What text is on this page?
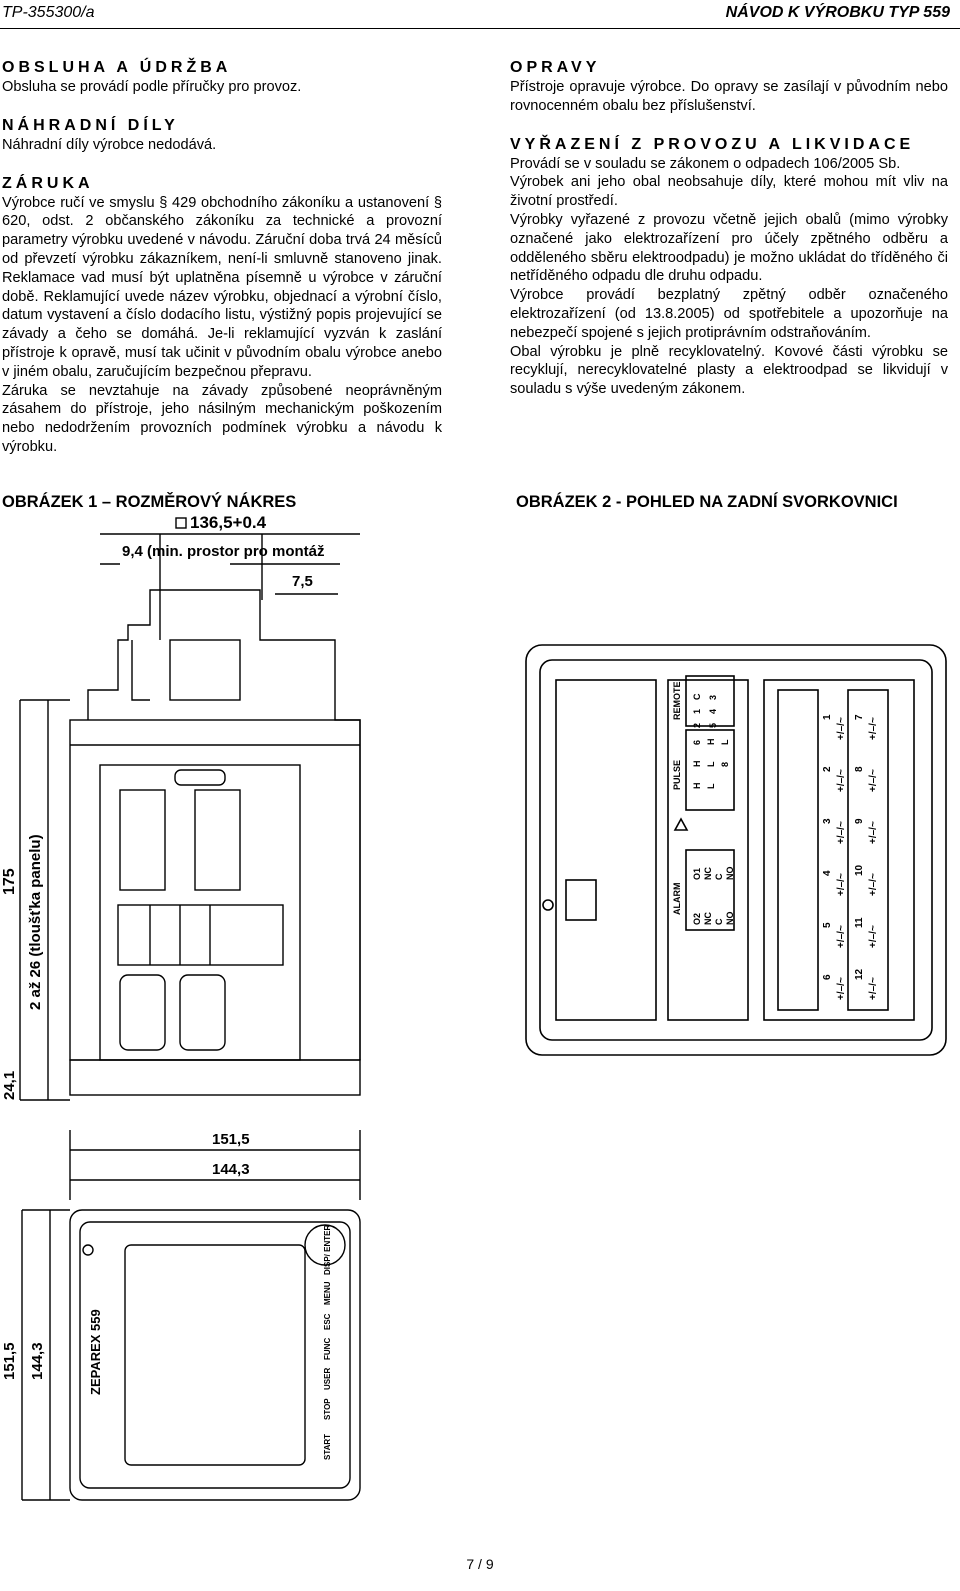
TP-355300/a	NÁVOD K VÝROBKU TYP 559
OBSLUHA A ÚDRŽBA

Obsluha se provádí podle příručky pro provoz.

NÁHRADNÍ DÍLY

Náhradní díly výrobce nedodává.

ZÁRUKA

Výrobce ručí ve smyslu § 429 obchodního zákoníku a ustanovení § 620, odst. 2 občanského zákoníku za technické a provozní parametry výrobku uvedené v návodu. Záruční doba trvá 24 měsíců od převzetí výrobku zákazníkem, není-li smluvně stanoveno jinak. Reklamace vad musí být uplatněna písemně u výrobce v záruční době. Reklamující uvede název výrobku, objednací a výrobní číslo, datum vystavení a číslo dodacího listu, výstižný popis projevující se závady a čeho se domáhá. Je-li reklamující vyzván k zaslání přístroje k opravě, musí tak učinit v původním obalu výrobce anebo v jiném obalu, zaručujícím bezpečnou přepravu.

Záruka se nevztahuje na závady způsobené neoprávněným zásahem do přístroje, jeho násilným mechanickým poškozením nebo nedodržením provozních podmínek výrobku a návodu k výrobku.

OPRAVY

Přístroje opravuje výrobce. Do opravy se zasílají v původním nebo rovnocenném obalu bez příslušenství.

VYŘAZENÍ Z PROVOZU A LIKVIDACE

Provádí se v souladu se zákonem o odpadech 106/2005 Sb.

Výrobek ani jeho obal neobsahuje díly, které mohou mít vliv na životní prostředí.

Výrobky vyřazené z provozu včetně jejich obalů (mimo výrobky označené jako elektrozařízení pro účely zpětného odběru a odděleného sběru elektroodpadu) je možno ukládat do tříděného či netříděného odpadu dle druhu odpadu.

Výrobce provádí bezplatný zpětný odběr označeného elektrozařízení (od 13.8.2005) od spotřebitele a upozorňuje na nebezpečí spojené s jejich protiprávním odstraňováním.

Obal výrobku je plně recyklovatelný. Kovové části výrobku se recyklují, nerecyklovatelné plasty a elektroodpad se likvidují v souladu s výše uvedeným zákonem.

OBRÁZEK 1 – ROZMĚROVÝ NÁKRES	OBRÁZEK 2 - POHLED NA ZADNÍ SVORKOVNICI
136,5+0.4
9,4 (min. prostor pro montáž
7,5
151,5
144,3
175 2 až 26 (tloušťka panelu)
24,1
151,5 144,3	ZEPAREX 559
DISP/ ENTER
START
STOP
USER
FUNC
ESC
MENU
REMOTE
PULSE
ALARM
C
1
2
3
4
5
6 H L
H L 8
H L
O1 NC C NO
O2 NC C NO
1 +/–/~
2 +/–/~
3 +/–/~
4 +/–/~
5 +/–/~
6 +/–/~
7 +/–/~
8 +/–/~
9 +/–/~
10
+/–/~
11
+/–/~
12
+/–/~
7 / 9
